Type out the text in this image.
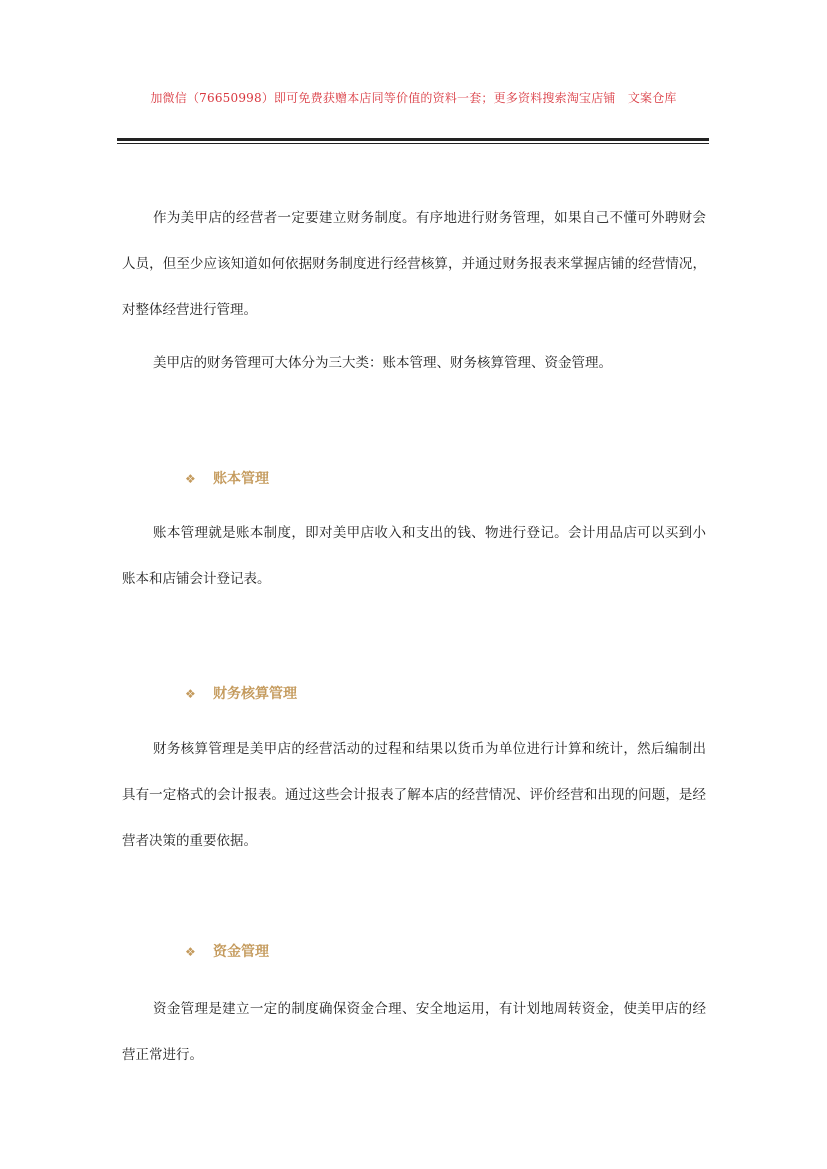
加微信（76650998）即可免费获赠本店同等价值的资料一套；更多资料搜索淘宝店铺　文案仓库

作为美甲店的经营者一定要建立财务制度。有序地进行财务管理，如果自己不懂可外聘财会人员，但至少应该知道如何依据财务制度进行经营核算，并通过财务报表来掌握店铺的经营情况，对整体经营进行管理。

美甲店的财务管理可大体分为三大类：账本管理、财务核算管理、资金管理。

❖ 账本管理

账本管理就是账本制度，即对美甲店收入和支出的钱、物进行登记。会计用品店可以买到小账本和店铺会计登记表。

❖ 财务核算管理

财务核算管理是美甲店的经营活动的过程和结果以货币为单位进行计算和统计，然后编制出具有一定格式的会计报表。通过这些会计报表了解本店的经营情况、评价经营和出现的问题，是经营者决策的重要依据。

❖ 资金管理

资金管理是建立一定的制度确保资金合理、安全地运用，有计划地周转资金，使美甲店的经营正常进行。
